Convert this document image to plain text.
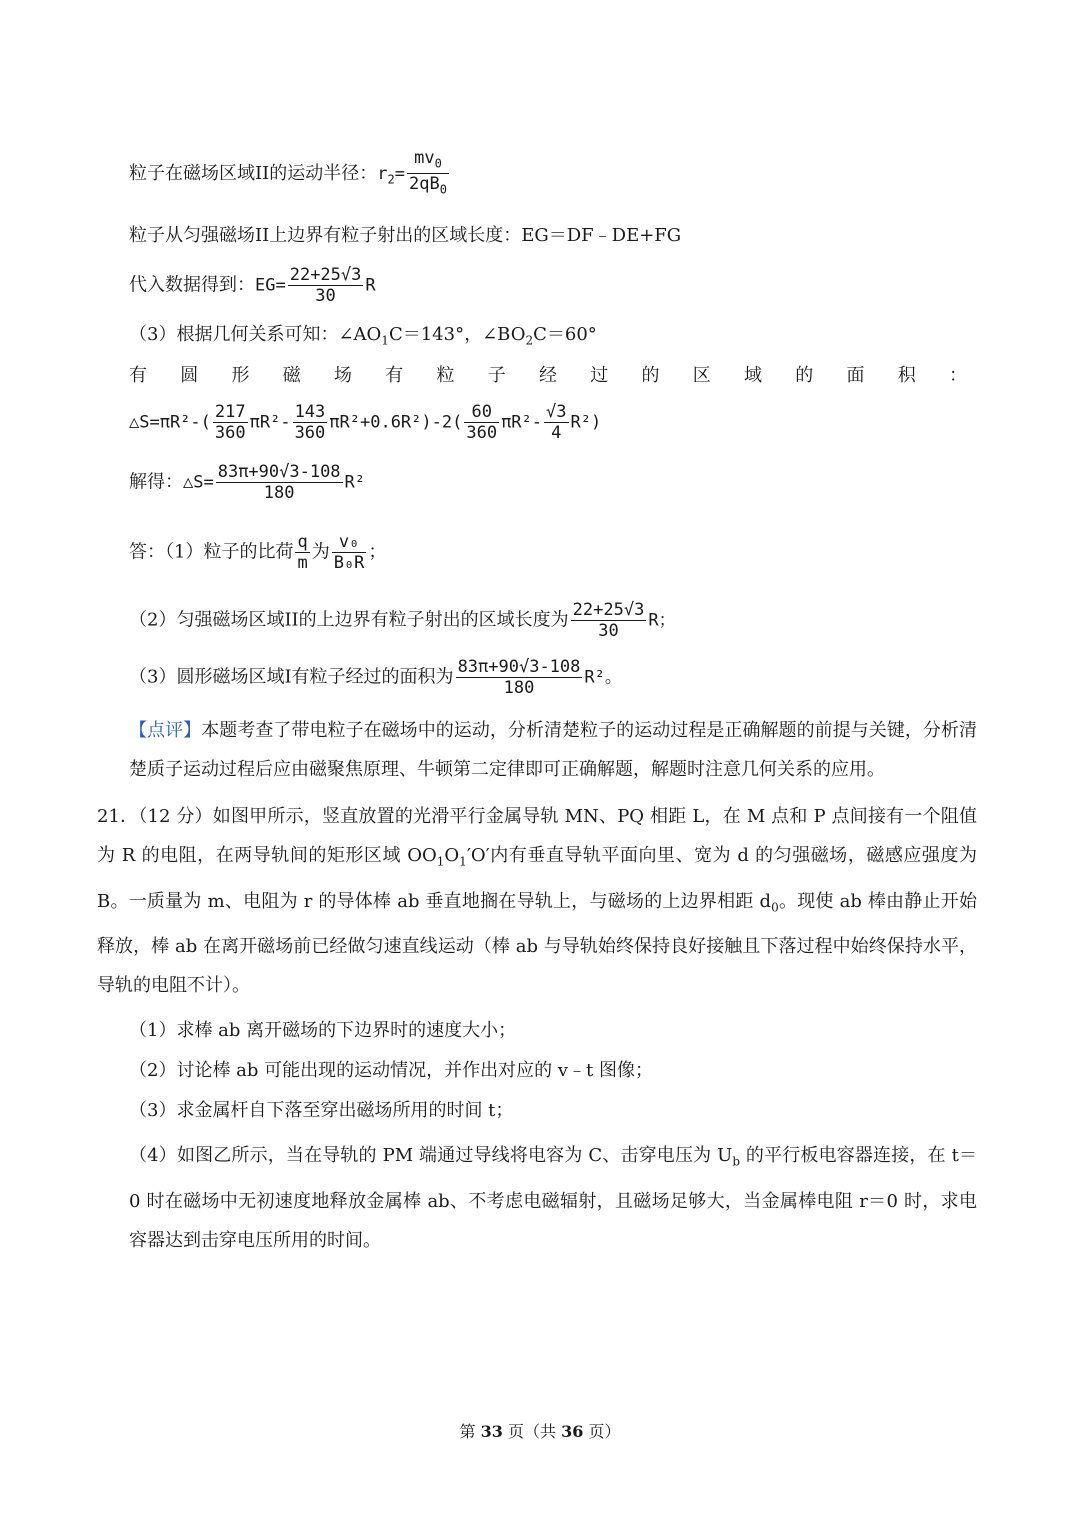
粒子在磁场区域II的运动半径：$r_2= \frac{mv_0}{2qB_0}$
粒子从匀强磁场II上边界有粒子射出的区域长度：EG＝DF﹣DE+FG
代入数据得到：$EG= \frac{22+25√3}{30}$ R
（3）根据几何关系可知：$\angle AO_1C=143^\circ$，$\angle BO_2C=60^\circ$
有 圆 形 磁 场 有 粒 子 经 过 的 区 域 的 面 积 ：
△S=πR²-( $\frac{217}{360} \pi R^2- \frac{143}{360} \pi R^2+0.6R^2)-2( \frac{60}{360} \pi R^2- \frac{√3}{4} R^2)$
解得：△S= $\frac{83\pi+90√3-108}{180} R^2$
答：（1）粒子的比荷 $\frac{q}{m}$ 为 $\frac{\text{v₀}}{\text{B₀R}}$ ；
（2）匀强磁场区域II的上边界有粒子射出的区域长度为 $\frac{22+25√3}{30}$ R；
（3）圆形磁场区域I有粒子经过的面积为 $\frac{83\pi+90√3-108}{180} R^2$。
【点评】本题考查了带电粒子在磁场中的运动，分析清楚粒子的运动过程是正确解题的前提与关键，分析清楚质子运动过程后应由磁聚焦原理、牛顿第二定律即可正确解题，解题时注意几何关系的应用。
21．（12 分）如图甲所示，竖直放置的光滑平行金属导轨 MN、PQ 相距 L，在 M 点和 P 点间接有一个阻值为 R 的电阻，在两导轨间的矩形区域 $OO_1O_1'O'$内有垂直导轨平面向里、宽为 d 的匀强磁场，磁感应强度为 B。一质量为 m、电阻为 r 的导体棒 ab 垂直地搁在导轨上，与磁场的上边界相距 $d_0$。现使 ab 棒由静止开始释放，棒 ab 在离开磁场前已经做匀速直线运动（棒 ab 与导轨始终保持良好接触且下落过程中始终保持水平，导轨的电阻不计）。
（1）求棒 ab 离开磁场的下边界时的速度大小；
（2）讨论棒 ab 可能出现的运动情况，并作出对应的 v﹣t 图像；
（3）求金属杆自下落至穿出磁场所用的时间 t；
（4）如图乙所示，当在导轨的 PM 端通过导线将电容为 C、击穿电压为 $U_b$ 的平行板电容器连接，在 t＝0 时在磁场中无初速度地释放金属棒 ab、不考虑电磁辐射，且磁场足够大，当金属棒电阻 r＝0 时，求电容器达到击穿电压所用的时间。
第 33 页（共 36 页）
